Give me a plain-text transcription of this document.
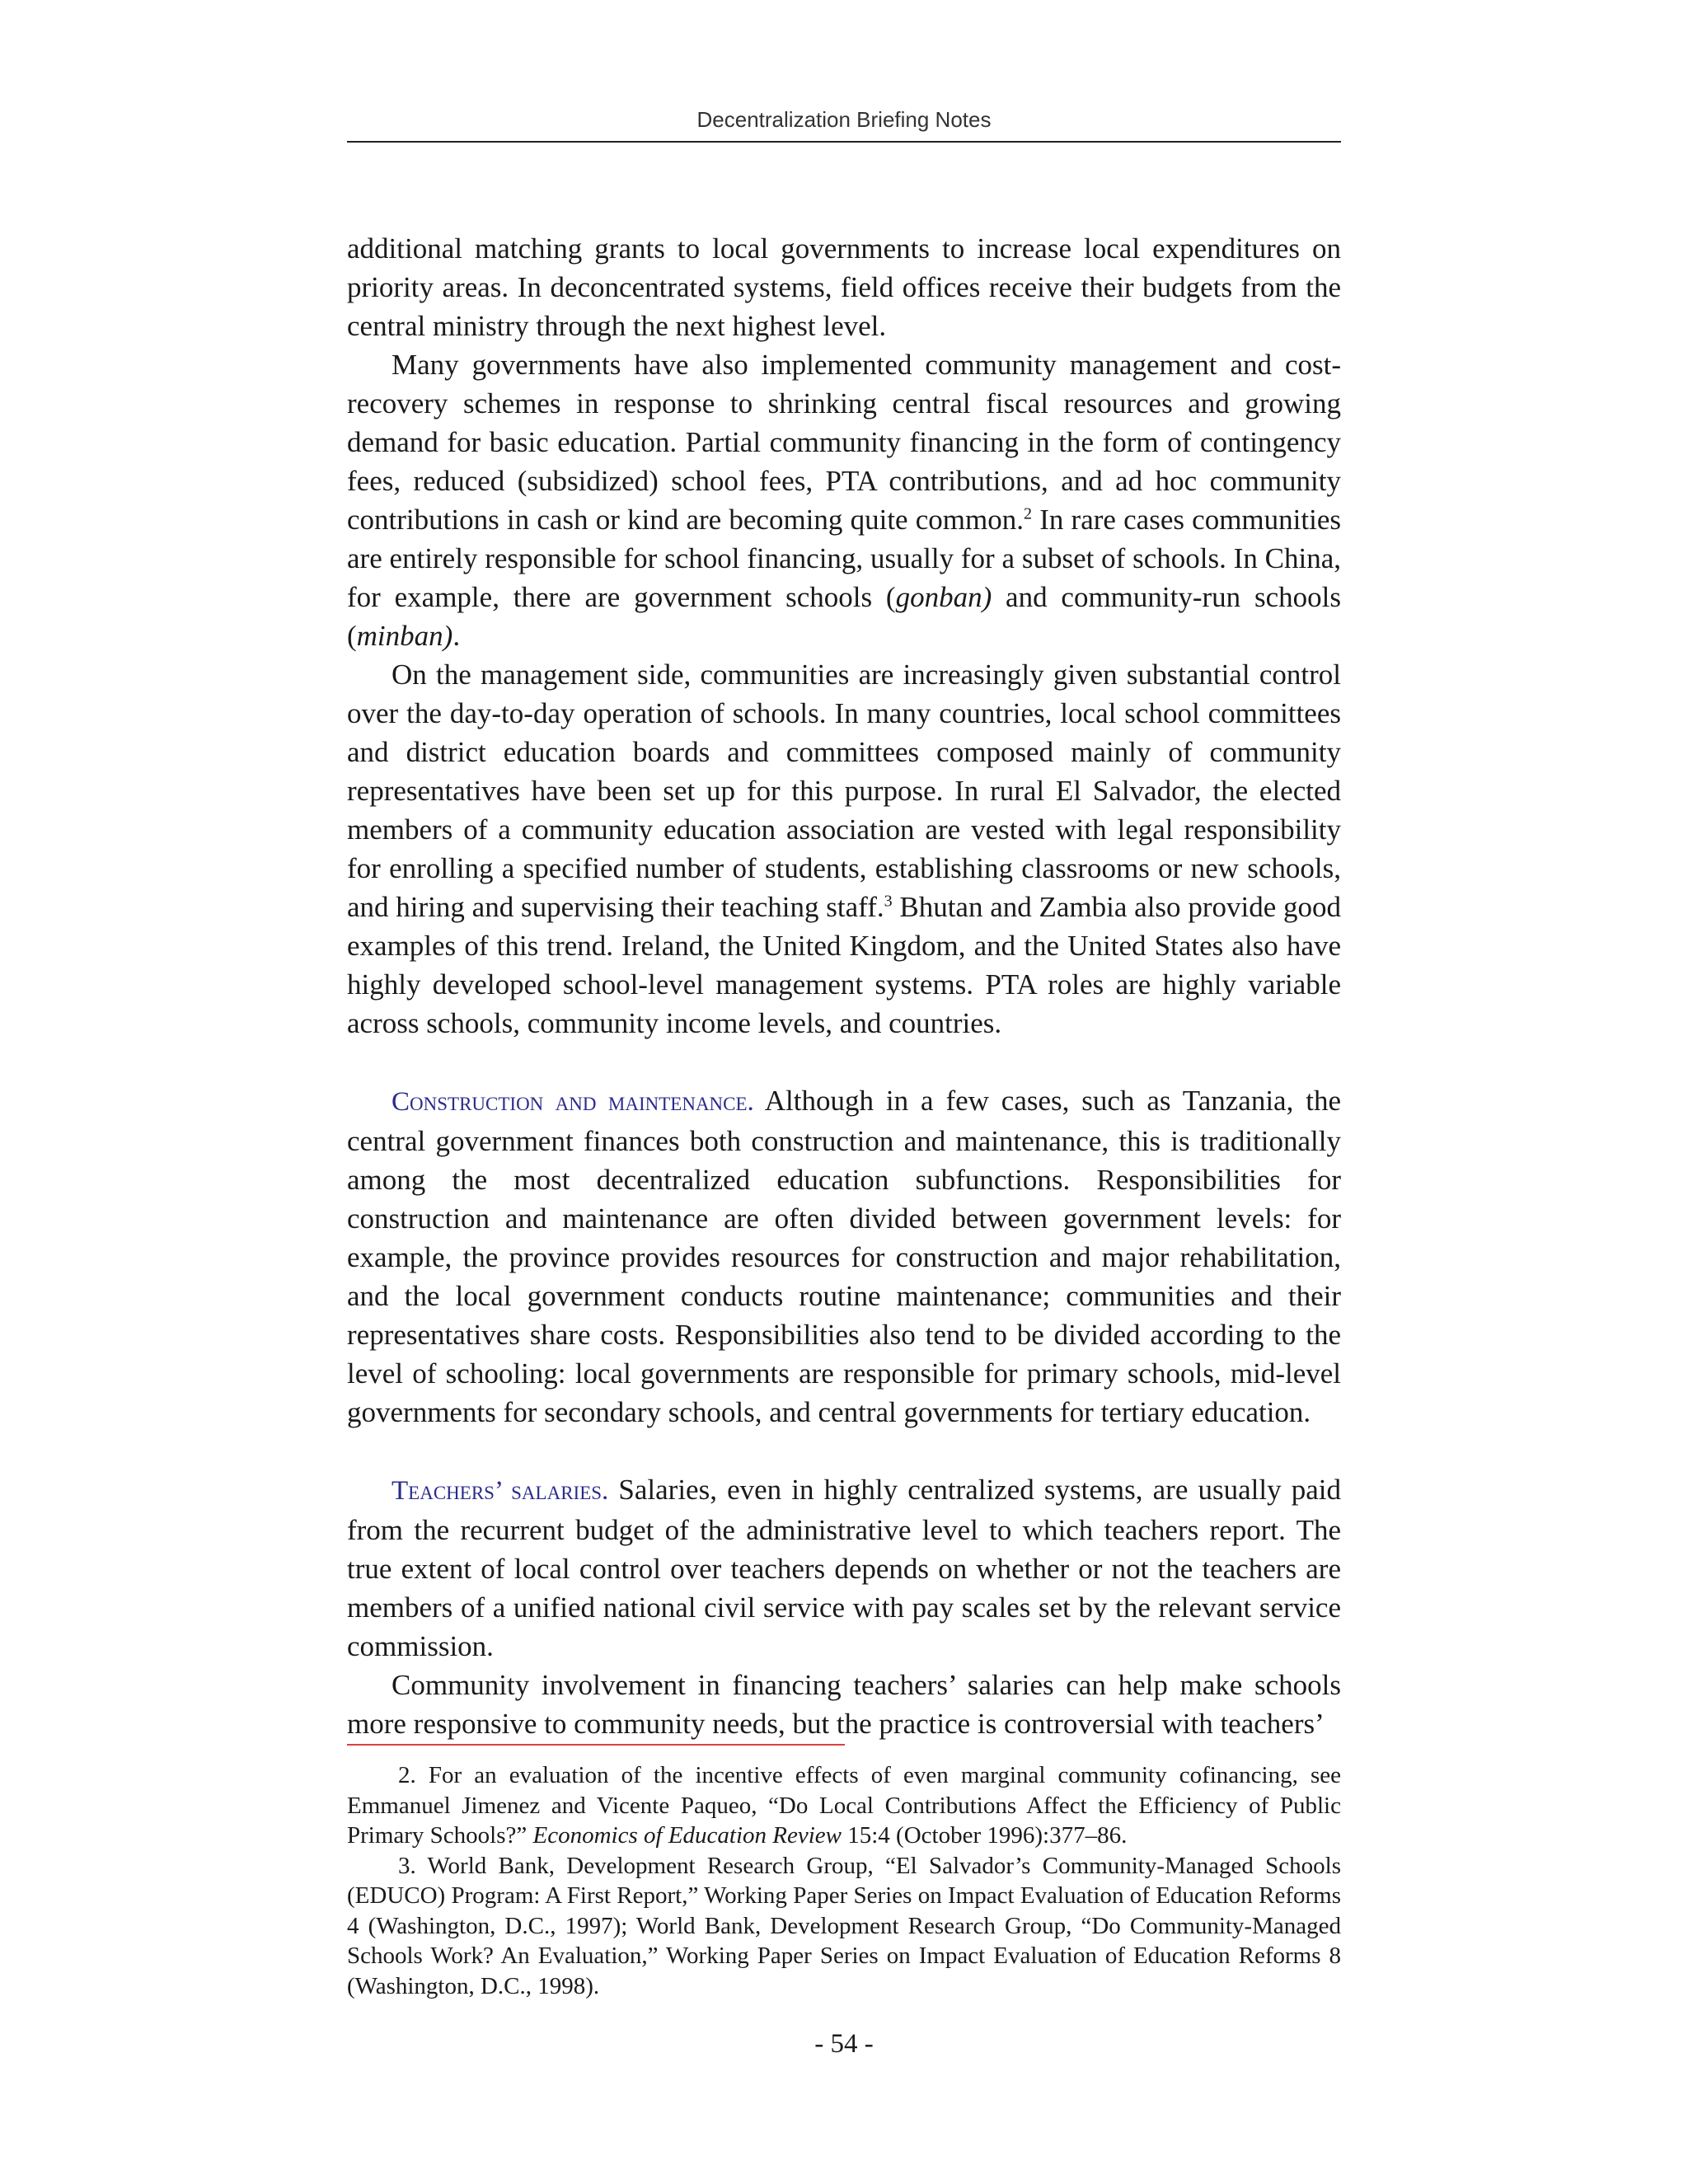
Decentralization Briefing Notes

additional matching grants to local governments to increase local expenditures on priority areas. In deconcentrated systems, field offices receive their budgets from the central ministry through the next highest level.

Many governments have also implemented community management and cost-recovery schemes in response to shrinking central fiscal resources and growing demand for basic education. Partial community financing in the form of contingency fees, reduced (subsidized) school fees, PTA contributions, and ad hoc community contributions in cash or kind are becoming quite common.$^2$ In rare cases communities are entirely responsible for school financing, usually for a subset of schools. In China, for example, there are government schools (gonban) and community-run schools (minban).

On the management side, communities are increasingly given substantial control over the day-to-day operation of schools. In many countries, local school committees and district education boards and committees composed mainly of community representatives have been set up for this purpose. In rural El Salvador, the elected members of a community education association are vested with legal responsibility for enrolling a specified number of students, establishing classrooms or new schools, and hiring and supervising their teaching staff.$^3$ Bhutan and Zambia also provide good examples of this trend. Ireland, the United Kingdom, and the United States also have highly developed school-level management systems. PTA roles are highly variable across schools, community income levels, and countries.

Construction and maintenance. Although in a few cases, such as Tanzania, the central government finances both construction and maintenance, this is traditionally among the most decentralized education subfunctions. Responsibilities for construction and maintenance are often divided between government levels: for example, the province provides resources for construction and major rehabilitation, and the local government conducts routine maintenance; communities and their representatives share costs. Responsibilities also tend to be divided according to the level of schooling: local governments are responsible for primary schools, mid-level governments for secondary schools, and central governments for tertiary education.

Teachers’ salaries. Salaries, even in highly centralized systems, are usually paid from the recurrent budget of the administrative level to which teachers report. The true extent of local control over teachers depends on whether or not the teachers are members of a unified national civil service with pay scales set by the relevant service commission.

Community involvement in financing teachers’ salaries can help make schools more responsive to community needs, but the practice is controversial with teachers’

2. For an evaluation of the incentive effects of even marginal community cofinancing, see Emmanuel Jimenez and Vicente Paqueo, “Do Local Contributions Affect the Efficiency of Public Primary Schools?” Economics of Education Review 15:4 (October 1996):377–86.

3. World Bank, Development Research Group, “El Salvador’s Community-Managed Schools (EDUCO) Program: A First Report,” Working Paper Series on Impact Evaluation of Education Reforms 4 (Washington, D.C., 1997); World Bank, Development Research Group, “Do Community-Managed Schools Work? An Evaluation,” Working Paper Series on Impact Evaluation of Education Reforms 8 (Washington, D.C., 1998).

- 54 -
